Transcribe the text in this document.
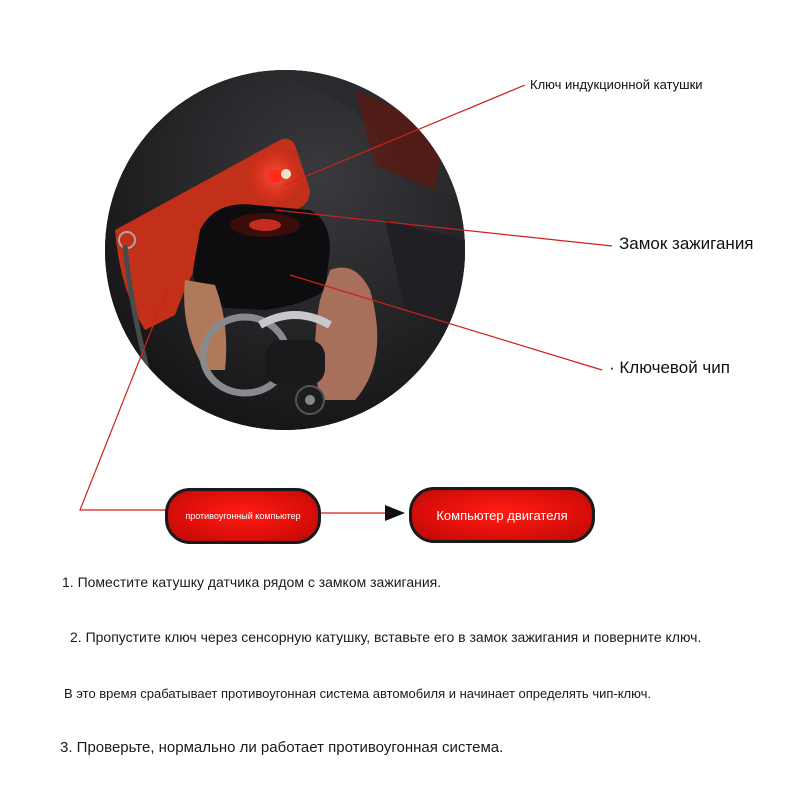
Ключ индукционной катушки
Замок зажигания
· Ключевой чип
противоугонный компьютер	Компьютер двигателя
1. Поместите катушку датчика рядом с замком зажигания.
2. Пропустите ключ через сенсорную катушку, вставьте его в замок зажигания и поверните ключ.
В это время срабатывает противоугонная система автомобиля и начинает определять чип-ключ.
3. Проверьте, нормально ли работает противоугонная система.
